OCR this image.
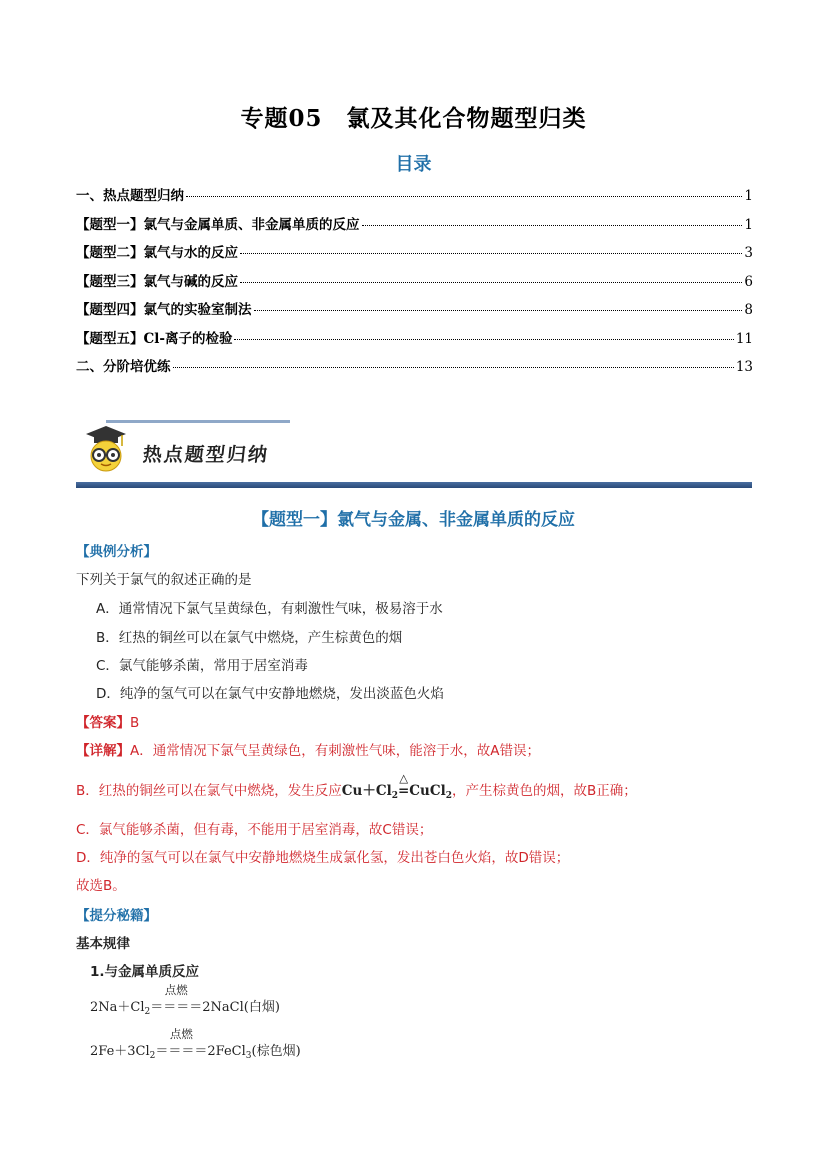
专题05　氯及其化合物题型归类
目录
一、热点题型归纳	1
【题型一】氯气与金属单质、非金属单质的反应	1
【题型二】氯气与水的反应	3
【题型三】氯气与碱的反应	6
【题型四】氯气的实验室制法	8
【题型五】Cl-离子的检验	11
二、分阶培优练	13
热点题型归纳
【题型一】氯气与金属、非金属单质的反应
【典例分析】
下列关于氯气的叙述正确的是
A．通常情况下氯气呈黄绿色，有刺激性气味，极易溶于水
B．红热的铜丝可以在氯气中燃烧，产生棕黄色的烟
C．氯气能够杀菌，常用于居室消毒
D．纯净的氢气可以在氯气中安静地燃烧，发出淡蓝色火焰
【答案】B
【详解】A．通常情况下氯气呈黄绿色，有刺激性气味，能溶于水，故A错误；
B．红热的铜丝可以在氯气中燃烧，发生反应$Cu+Cl_2$
△
=CuCl$_2$，产生棕黄色的烟，故B正确；
C．氯气能够杀菌，但有毒，不能用于居室消毒，故C错误；
D．纯净的氢气可以在氯气中安静地燃烧生成氯化氢，发出苍白色火焰，故D错误；
故选B。
【提分秘籍】
基本规律
1.与金属单质反应
$2Na+Cl_2$
点燃
＝＝＝＝2NaCl(白烟)
$2Fe+3Cl_2$
点燃
＝＝＝＝2FeCl$_3$(棕色烟)
